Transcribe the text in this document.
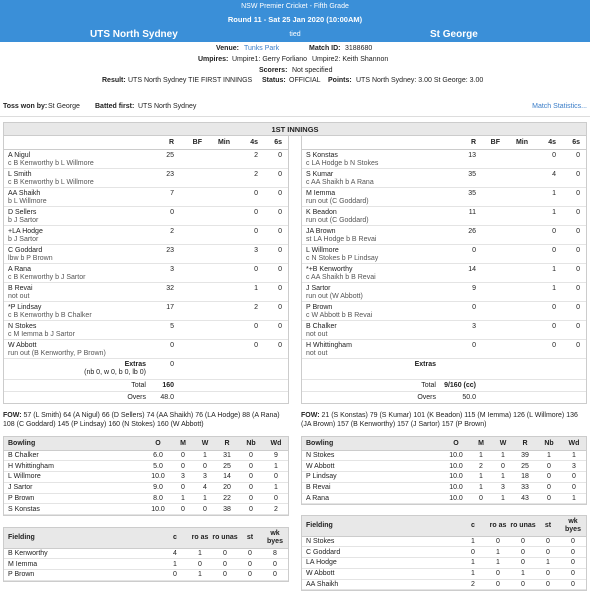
NSW Premier Cricket - Fifth Grade
Round 11 - Sat 25 Jan 2020 (10:00AM)
UTS North Sydney	tied	St George
Venue: Tunks Park	Match ID: 3188680
Umpires: Umpire1: Gerry Forliano Umpire2: Keith Shannon
Scorers: Not specified
Result: UTS North Sydney TIE FIRST INNINGS Status: OFFICIAL Points: UTS North Sydney: 3.00 St George: 3.00
Toss won by: St George Batted first: UTS North Sydney	Match Statistics...
1ST INNINGS
	R	BF	Min	4s	6s
A Nigul
c B Kenworthy b L Willmore	25			2	0
L Smith
c B Kenworthy b L Willmore	23			2	0
AA Shaikh
b L Willmore	7			0	0
D Sellers
b J Sartor	0			0	0
+LA Hodge
b J Sartor	2			0	0
C Goddard
lbw b P Brown	23			3	0
A Rana
c B Kenworthy b J Sartor	3			0	0
B Revai
not out	32			1	0
*P Lindsay
c B Kenworthy b B Chalker	17			2	0
N Stokes
c M Iemma b J Sartor	5			0	0
W Abbott
run out (B Kenworthy, P Brown)	0			0	0
Extras
(nb 0, w 0, b 0, lb 0)	0				
Total	160				
Overs	48.0				
	R	BF	Min	4s	6s
S Konstas
c LA Hodge b N Stokes	13			0	0
S Kumar
c AA Shaikh b A Rana	35			4	0
M Iemma
run out (C Goddard)	35			1	0
K Beadon
run out (C Goddard)	11			1	0
JA Brown
st LA Hodge b B Revai	26			0	0
L Willmore
c N Stokes b P Lindsay	0			0	0
*+B Kenworthy
c AA Shaikh b B Revai	14			1	0
J Sartor
run out (W Abbott)	9			1	0
P Brown
c W Abbott b B Revai	0			0	0
B Chalker
not out	3			0	0
H Whittingham
not out	0			0	0
Extras			

Total	9/160 (cc)				
Overs	50.0				
FOW: 57 (L Smith) 64 (A Nigul) 66 (D Sellers) 74 (AA Shaikh) 76 (LA Hodge) 88 (A Rana) 108 (C Goddard) 145 (P Lindsay) 160 (N Stokes) 160 (W Abbott)
FOW: 21 (S Konstas) 79 (S Kumar) 101 (K Beadon) 115 (M Iemma) 126 (L Willmore) 136 (JA Brown) 157 (B Kenworthy) 157 (J Sartor) 157 (P Brown)
Bowling	O	M	W	R	Nb	Wd
B Chalker	6.0	0	1	31	0	9
H Whittingham	5.0	0	0	25	0	1
L Willmore	10.0	3	3	14	0	0
J Sartor	9.0	0	4	20	0	1
P Brown	8.0	1	1	22	0	0
S Konstas	10.0	0	0	38	0	2
Bowling	O	M	W	R	Nb	Wd
N Stokes	10.0	1	1	39	1	1
W Abbott	10.0	2	0	25	0	3
P Lindsay	10.0	1	1	18	0	0
B Revai	10.0	1	3	33	0	0
A Rana	10.0	0	1	43	0	1
Fielding	c	ro as	ro unas	st	wk byes
B Kenworthy	4	1	0	0	8
M Iemma	1	0	0	0	0
P Brown	0	1	0	0	0
Fielding	c	ro as	ro unas	st	wk byes
N Stokes	1	0	0	0	0
C Goddard	0	1	0	0	0
LA Hodge	1	1	0	1	0
W Abbott	1	0	1	0	0
AA Shaikh	2	0	0	0	0
